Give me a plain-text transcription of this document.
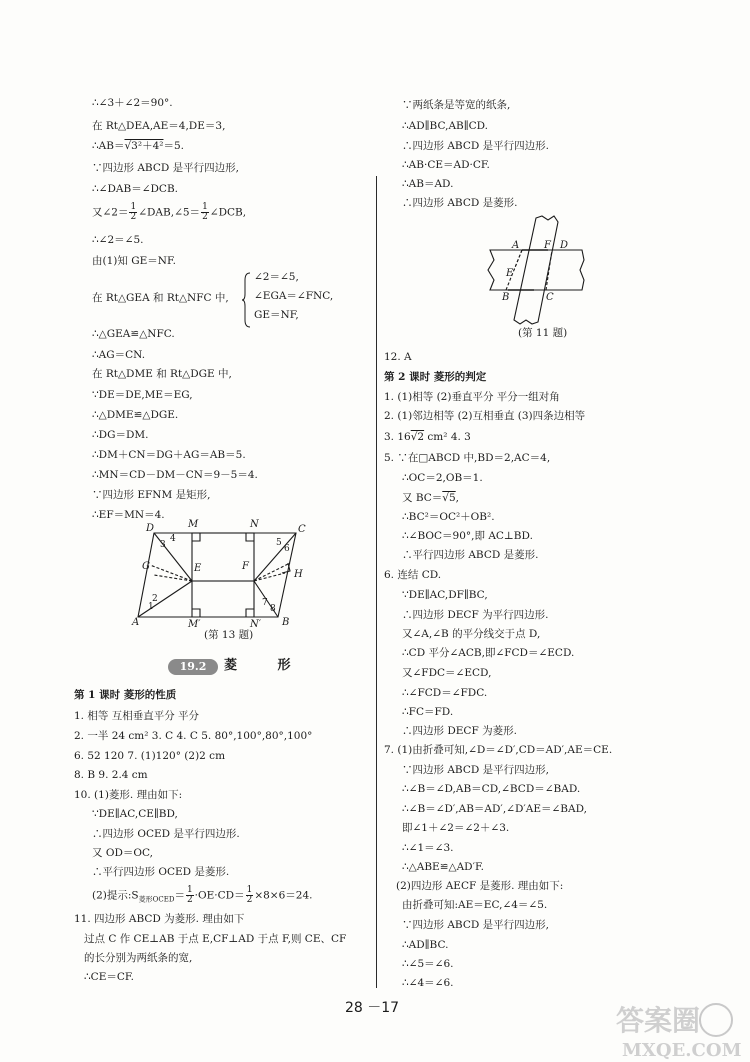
∴∠3＋∠2＝90°.
在 Rt△DEA,AE＝4,DE＝3,
∴AB＝√3²＋4²＝5.
∵四边形 ABCD 是平行四边形,
∴∠DAB＝∠DCB.
又∠2＝ $\frac{1}{2}$ ∠DAB,∠5＝ $\frac{1}{2}$ ∠DCB,
∴∠2＝∠5.
由(1)知 GE＝NF.
在 Rt△GEA 和 Rt△NFC 中,
∠2＝∠5,
∠EGA＝∠FNC,
GE＝NF,
∴△GEA≌△NFC.
∴AG＝CN.
在 Rt△DME 和 Rt△DGE 中,
∵DE＝DE,ME＝EG,
∴△DME≌△DGE.
∴DG＝DM.
∴DM＋CN＝DG＋AG＝AB＝5.
∴MN＝CD－DM－CN＝9－5＝4.
∵四边形 EFNM 是矩形,
∴EF＝MN＝4.
D	M	N	C
G	E	F
H
A	M′	N′ B
1
2
3
4	5
6
7
8
(第 13 题)
19.2	菱 形
第 1 课时 菱形的性质
1. 相等 互相垂直平分 平分
2. 一半 24 cm² 3. C 4. C 5. 80°,100°,80°,100°
6. 52 120 7. (1)120° (2)2 cm
8. B 9. 2.4 cm
10. (1)菱形. 理由如下:
∵DE∥AC,CE∥BD,
∴四边形 OCED 是平行四边形.
又 OD＝OC,
∴平行四边形 OCED 是菱形.
(2)提示$:S_{菱形OCED}= \frac{1}{2} \cdot OE\cdot CD= \frac{1}{2} \times 8\times 6=24$.
11. 四边形 ABCD 为菱形. 理由如下
过点 C 作 CE⊥AB 于点 E,CF⊥AD 于点 F,则 CE、CF
的长分别为两纸条的宽,
∴CE＝CF.
∵两纸条是等宽的纸条,
∴AD∥BC,AB∥CD.
∴四边形 ABCD 是平行四边形.
∴AB·CE＝AD·CF.
∴AB＝AD.
∴四边形 ABCD 是菱形.
A F D
E
B	C
(第 11 题)
12. A
第 2 课时 菱形的判定
1. (1)相等 (2)垂直平分 平分一组对角
2. (1)邻边相等 (2)互相垂直 (3)四条边相等
3. 16√2 cm² 4. 3
5. ∵在□ABCD 中,BD＝2,AC＝4,
∴OC＝2,OB＝1.
又 BC＝√5,
∴BC²＝OC²＋OB².
∴∠BOC＝90°,即 AC⊥BD.
∴平行四边形 ABCD 是菱形.
6. 连结 CD.
∵DE∥AC,DF∥BC,
∴四边形 DECF 为平行四边形.
又∠A,∠B 的平分线交于点 D,
∴CD 平分∠ACB,即∠FCD＝∠ECD.
又∠FDC＝∠ECD,
∴∠FCD＝∠FDC.
∴FC＝FD.
∴四边形 DECF 为菱形.
7. (1)由折叠可知,∠D＝∠D′,CD＝AD′,AE＝CE.
∵四边形 ABCD 是平行四边形,
∴∠B＝∠D,AB＝CD,∠BCD＝∠BAD.
∴∠B＝∠D′,AB＝AD′,∠D′AE＝∠BAD,
即∠1＋∠2＝∠2＋∠3.
∴∠1＝∠3.
∴△ABE≌△AD′F.
(2)四边形 AECF 是菱形. 理由如下:
由折叠可知:AE＝EC,∠4＝∠5.
∵四边形 ABCD 是平行四边形,
∴AD∥BC.
∴∠5＝∠6.
∴∠4＝∠6.
28 －17	答案圈
MXQE.COM
